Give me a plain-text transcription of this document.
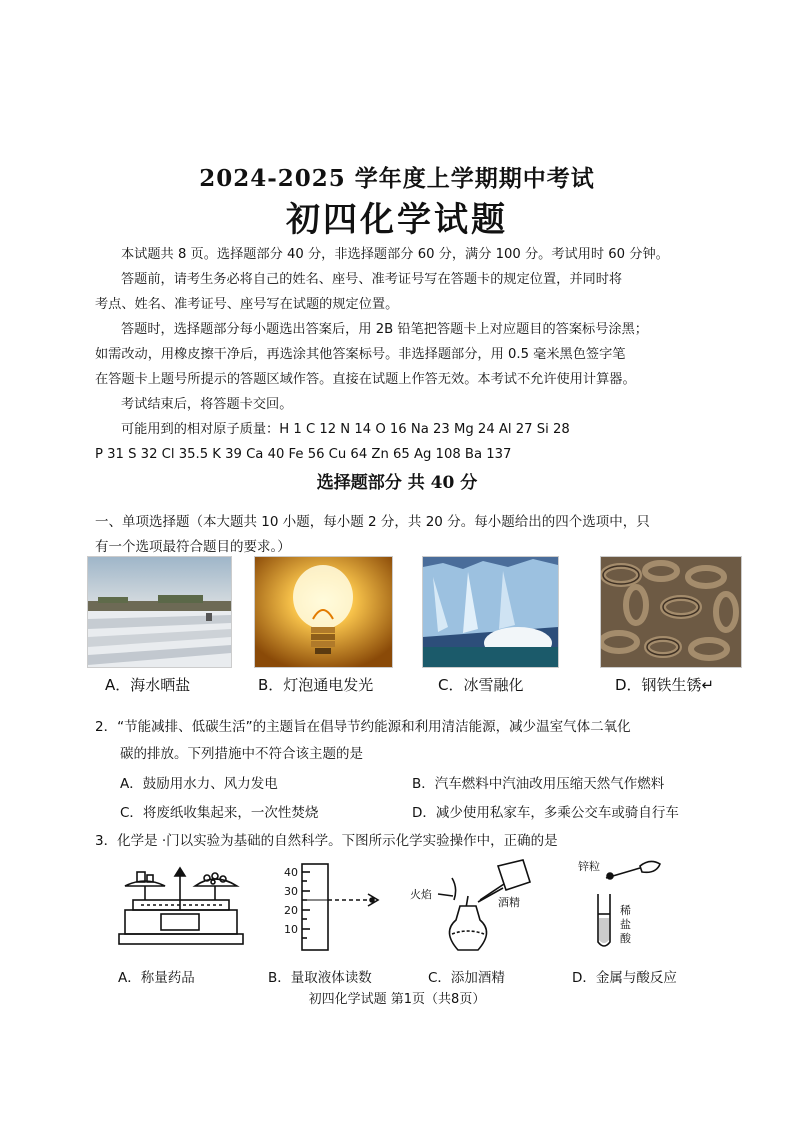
2024-2025 学年度上学期期中考试
初四化学试题
本试题共 8 页。选择题部分 40 分，非选择题部分 60 分，满分 100 分。考试用时 60 分钟。
答题前，请考生务必将自己的姓名、座号、准考证号写在答题卡的规定位置，并同时将
考点、姓名、准考证号、座号写在试题的规定位置。
答题时，选择题部分每小题选出答案后，用 2B 铅笔把答题卡上对应题目的答案标号涂黑；
如需改动，用橡皮擦干净后，再选涂其他答案标号。非选择题部分，用 0.5 毫米黑色签字笔
在答题卡上题号所提示的答题区域作答。直接在试题上作答无效。本考试不允许使用计算器。
考试结束后，将答题卡交回。
可能用到的相对原子质量：H 1 C 12 N 14 O 16 Na 23 Mg 24 Al 27 Si 28
P 31 S 32 Cl 35.5 K 39 Ca 40 Fe 56 Cu 64 Zn 65 Ag 108 Ba 137
选择题部分 共 40 分
一、单项选择题（本大题共 10 小题，每小题 2 分，共 20 分。每小题给出的四个选项中，只
有一个选项最符合题目的要求。）
A．海水晒盐	B．灯泡通电发光	C．冰雪融化	D．钢铁生锈↵
2．“节能减排、低碳生活”的主题旨在倡导节约能源和利用清洁能源，减少温室气体二氧化
碳的排放。下列措施中不符合该主题的是
A．鼓励用水力、风力发电	B．汽车燃料中汽油改用压缩天然气作燃料
C．将废纸收集起来，一次性焚烧	D．减少使用私家车，多乘公交车或骑自行车
3．化学是 ·门以实验为基础的自然科学。下图所示化学实验操作中，正确的是
40
30
20
10
火焰
酒精
锌粒
稀
盐
酸
A．称量药品	B．量取液体读数	C．添加酒精	D．金属与酸反应
初四化学试题 第1页（共8页）
